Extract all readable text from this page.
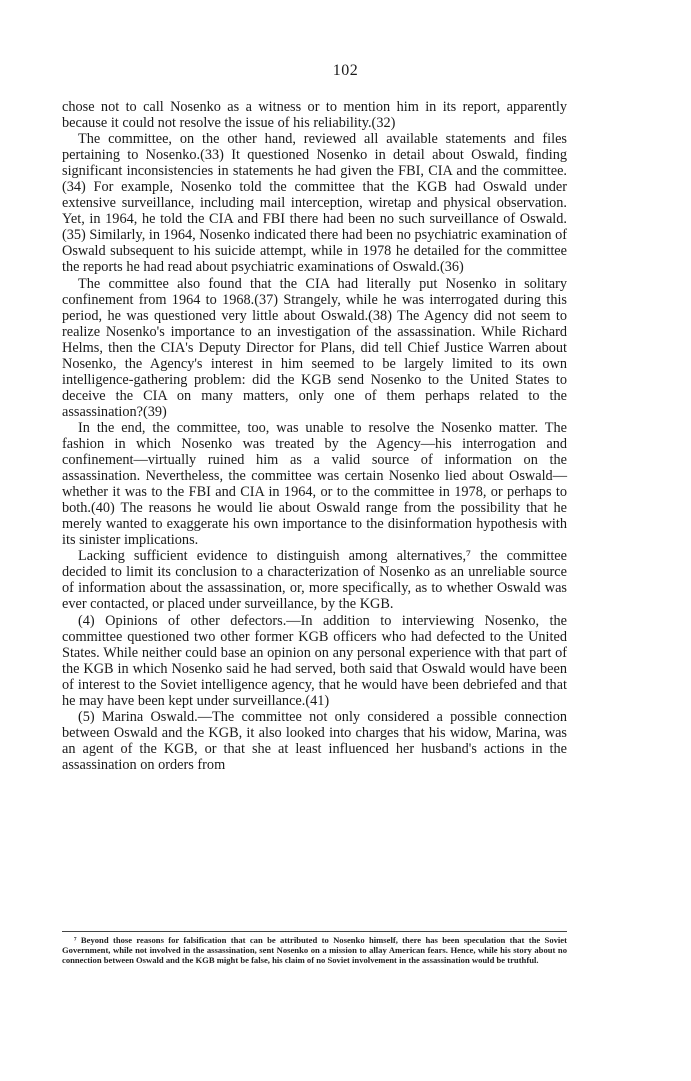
102

chose not to call Nosenko as a witness or to mention him in its report, apparently because it could not resolve the issue of his reliability.(32)

The committee, on the other hand, reviewed all available statements and files pertaining to Nosenko.(33) It questioned Nosenko in detail about Oswald, finding significant inconsistencies in statements he had given the FBI, CIA and the committee.(34) For example, Nosenko told the committee that the KGB had Oswald under extensive surveillance, including mail interception, wiretap and physical observation. Yet, in 1964, he told the CIA and FBI there had been no such surveillance of Oswald.(35) Similarly, in 1964, Nosenko indicated there had been no psychiatric examination of Oswald subsequent to his suicide attempt, while in 1978 he detailed for the committee the reports he had read about psychiatric examinations of Oswald.(36)

The committee also found that the CIA had literally put Nosenko in solitary confinement from 1964 to 1968.(37) Strangely, while he was interrogated during this period, he was questioned very little about Oswald.(38) The Agency did not seem to realize Nosenko's importance to an investigation of the assassination. While Richard Helms, then the CIA's Deputy Director for Plans, did tell Chief Justice Warren about Nosenko, the Agency's interest in him seemed to be largely limited to its own intelligence-gathering problem: did the KGB send Nosenko to the United States to deceive the CIA on many matters, only one of them perhaps related to the assassination?(39)

In the end, the committee, too, was unable to resolve the Nosenko matter. The fashion in which Nosenko was treated by the Agency—his interrogation and confinement—virtually ruined him as a valid source of information on the assassination. Nevertheless, the committee was certain Nosenko lied about Oswald—whether it was to the FBI and CIA in 1964, or to the committee in 1978, or perhaps to both.(40) The reasons he would lie about Oswald range from the possibility that he merely wanted to exaggerate his own importance to the disinformation hypothesis with its sinister implications.

Lacking sufficient evidence to distinguish among alternatives,⁷ the committee decided to limit its conclusion to a characterization of Nosenko as an unreliable source of information about the assassination, or, more specifically, as to whether Oswald was ever contacted, or placed under surveillance, by the KGB.

(4) Opinions of other defectors.—In addition to interviewing Nosenko, the committee questioned two other former KGB officers who had defected to the United States. While neither could base an opinion on any personal experience with that part of the KGB in which Nosenko said he had served, both said that Oswald would have been of interest to the Soviet intelligence agency, that he would have been debriefed and that he may have been kept under surveillance.(41)

(5) Marina Oswald.—The committee not only considered a possible connection between Oswald and the KGB, it also looked into charges that his widow, Marina, was an agent of the KGB, or that she at least influenced her husband's actions in the assassination on orders from

⁷ Beyond those reasons for falsification that can be attributed to Nosenko himself, there has been speculation that the Soviet Government, while not involved in the assassination, sent Nosenko on a mission to allay American fears. Hence, while his story about no connection between Oswald and the KGB might be false, his claim of no Soviet involvement in the assassination would be truthful.
